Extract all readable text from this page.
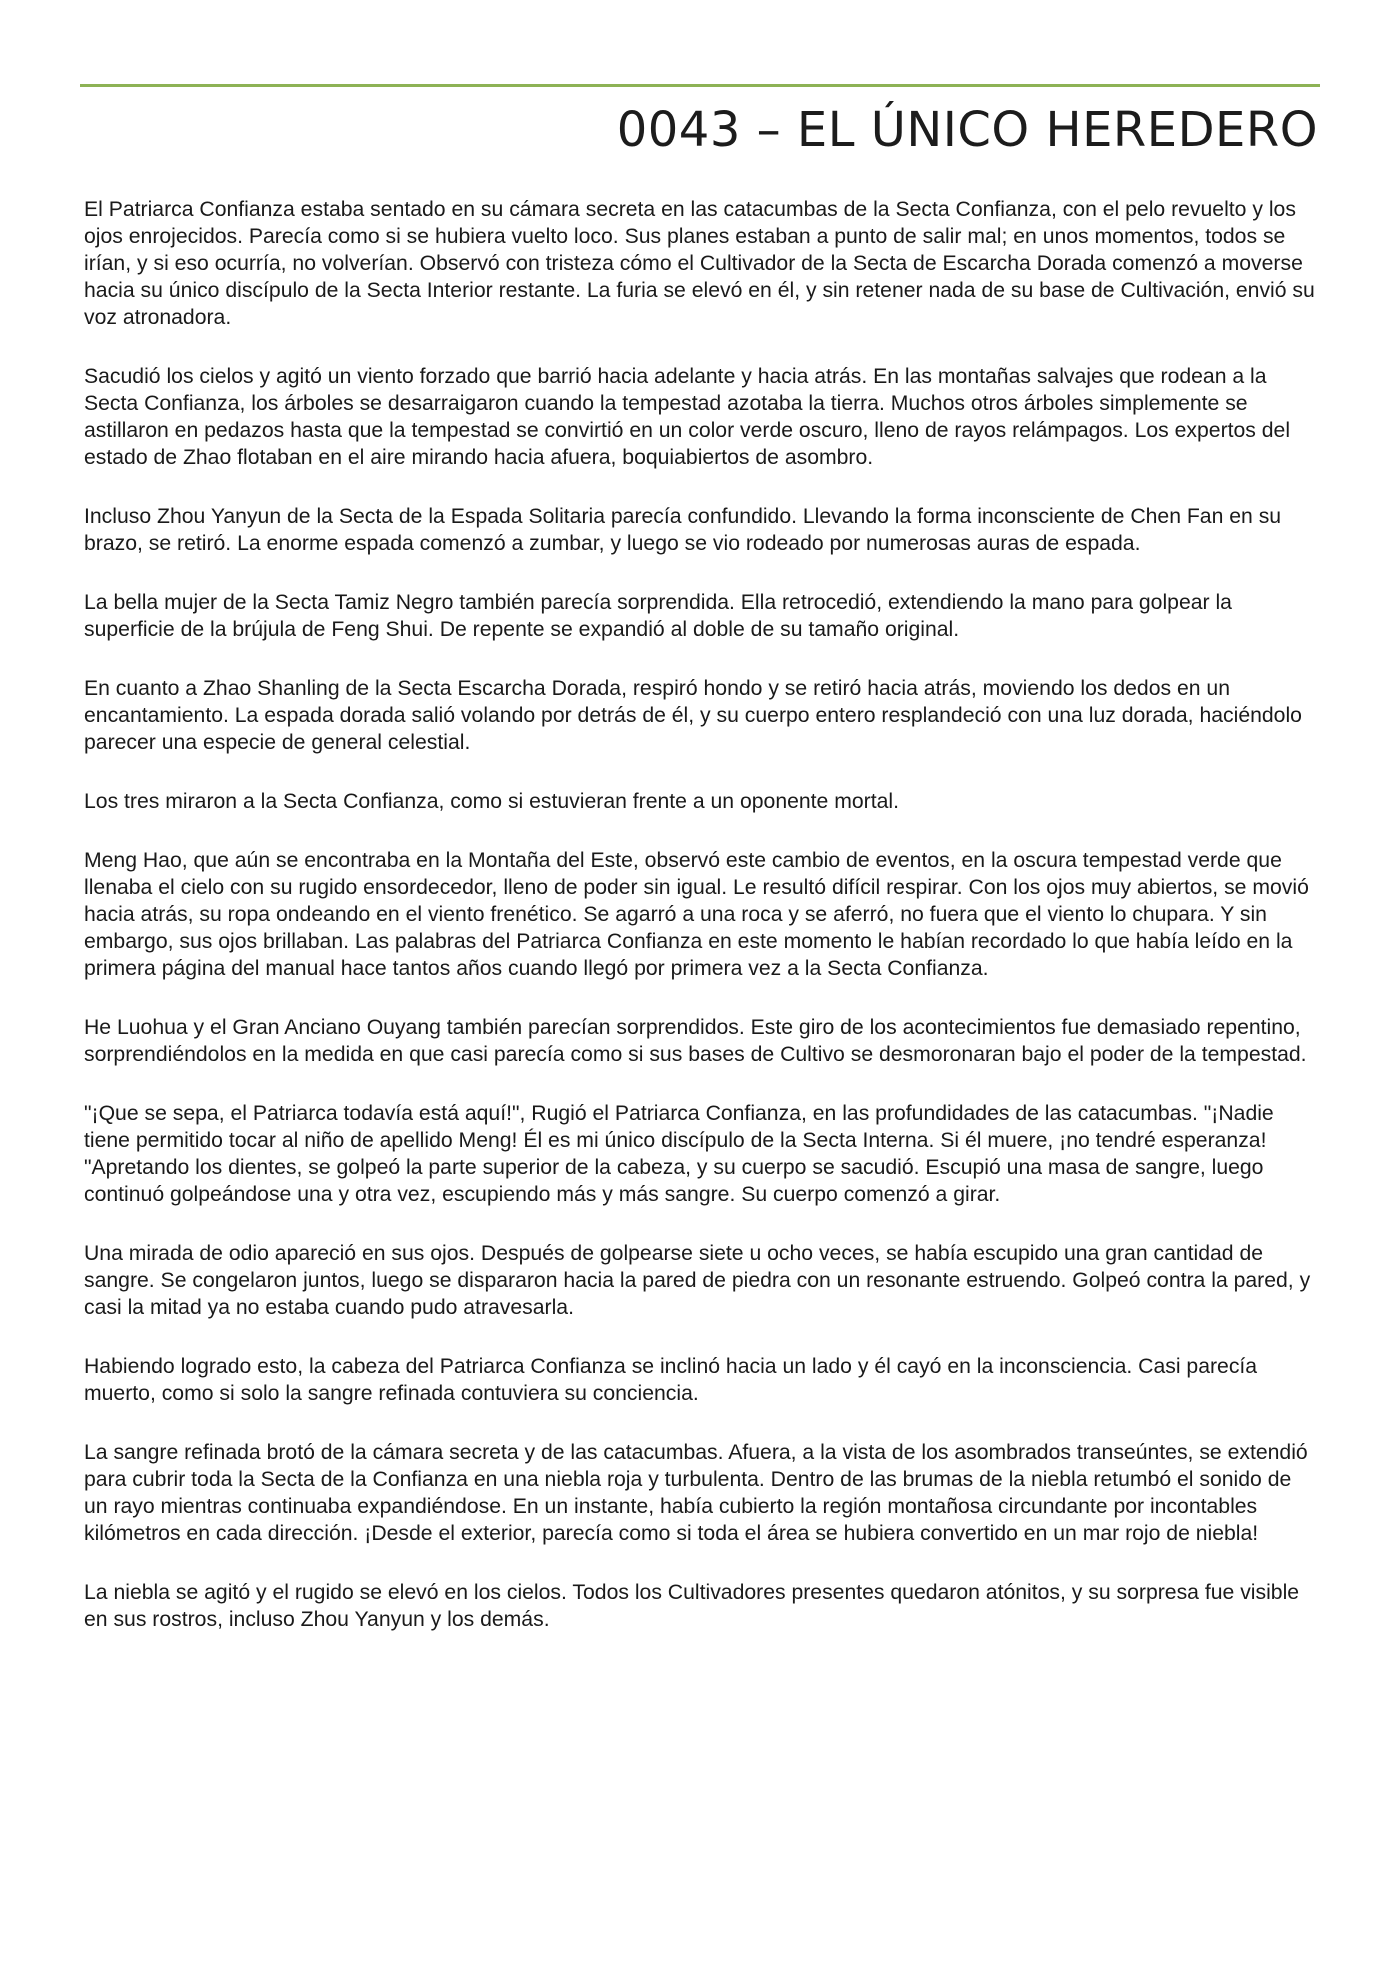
0043 – EL ÚNICO HEREDERO

El Patriarca Confianza estaba sentado en su cámara secreta en las catacumbas de la Secta Confianza, con el pelo revuelto y los ojos enrojecidos. Parecía como si se hubiera vuelto loco. Sus planes estaban a punto de salir mal; en unos momentos, todos se irían, y si eso ocurría, no volverían. Observó con tristeza cómo el Cultivador de la Secta de Escarcha Dorada comenzó a moverse hacia su único discípulo de la Secta Interior restante. La furia se elevó en él, y sin retener nada de su base de Cultivación, envió su voz atronadora.

Sacudió los cielos y agitó un viento forzado que barrió hacia adelante y hacia atrás. En las montañas salvajes que rodean a la Secta Confianza, los árboles se desarraigaron cuando la tempestad azotaba la tierra. Muchos otros árboles simplemente se astillaron en pedazos hasta que la tempestad se convirtió en un color verde oscuro, lleno de rayos relámpagos. Los expertos del estado de Zhao flotaban en el aire mirando hacia afuera, boquiabiertos de asombro.

Incluso Zhou Yanyun de la Secta de la Espada Solitaria parecía confundido. Llevando la forma inconsciente de Chen Fan en su brazo, se retiró. La enorme espada comenzó a zumbar, y luego se vio rodeado por numerosas auras de espada.

La bella mujer de la Secta Tamiz Negro también parecía sorprendida. Ella retrocedió, extendiendo la mano para golpear la superficie de la brújula de Feng Shui. De repente se expandió al doble de su tamaño original.

En cuanto a Zhao Shanling de la Secta Escarcha Dorada, respiró hondo y se retiró hacia atrás, moviendo los dedos en un encantamiento. La espada dorada salió volando por detrás de él, y su cuerpo entero resplandeció con una luz dorada, haciéndolo parecer una especie de general celestial.

Los tres miraron a la Secta Confianza, como si estuvieran frente a un oponente mortal.

Meng Hao, que aún se encontraba en la Montaña del Este, observó este cambio de eventos, en la oscura tempestad verde que llenaba el cielo con su rugido ensordecedor, lleno de poder sin igual. Le resultó difícil respirar. Con los ojos muy abiertos, se movió hacia atrás, su ropa ondeando en el viento frenético. Se agarró a una roca y se aferró, no fuera que el viento lo chupara. Y sin embargo, sus ojos brillaban. Las palabras del Patriarca Confianza en este momento le habían recordado lo que había leído en la primera página del manual hace tantos años cuando llegó por primera vez a la Secta Confianza.

He Luohua y el Gran Anciano Ouyang también parecían sorprendidos. Este giro de los acontecimientos fue demasiado repentino, sorprendiéndolos en la medida en que casi parecía como si sus bases de Cultivo se desmoronaran bajo el poder de la tempestad.

"¡Que se sepa, el Patriarca todavía está aquí!", Rugió el Patriarca Confianza, en las profundidades de las catacumbas. "¡Nadie tiene permitido tocar al niño de apellido Meng! Él es mi único discípulo de la Secta Interna. Si él muere, ¡no tendré esperanza! "Apretando los dientes, se golpeó la parte superior de la cabeza, y su cuerpo se sacudió. Escupió una masa de sangre, luego continuó golpeándose una y otra vez, escupiendo más y más sangre. Su cuerpo comenzó a girar.

Una mirada de odio apareció en sus ojos. Después de golpearse siete u ocho veces, se había escupido una gran cantidad de sangre. Se congelaron juntos, luego se dispararon hacia la pared de piedra con un resonante estruendo. Golpeó contra la pared, y casi la mitad ya no estaba cuando pudo atravesarla.

Habiendo logrado esto, la cabeza del Patriarca Confianza se inclinó hacia un lado y él cayó en la inconsciencia. Casi parecía muerto, como si solo la sangre refinada contuviera su conciencia.

La sangre refinada brotó de la cámara secreta y de las catacumbas. Afuera, a la vista de los asombrados transeúntes, se extendió para cubrir toda la Secta de la Confianza en una niebla roja y turbulenta. Dentro de las brumas de la niebla retumbó el sonido de un rayo mientras continuaba expandiéndose. En un instante, había cubierto la región montañosa circundante por incontables kilómetros en cada dirección. ¡Desde el exterior, parecía como si toda el área se hubiera convertido en un mar rojo de niebla!

La niebla se agitó y el rugido se elevó en los cielos. Todos los Cultivadores presentes quedaron atónitos, y su sorpresa fue visible en sus rostros, incluso Zhou Yanyun y los demás.
